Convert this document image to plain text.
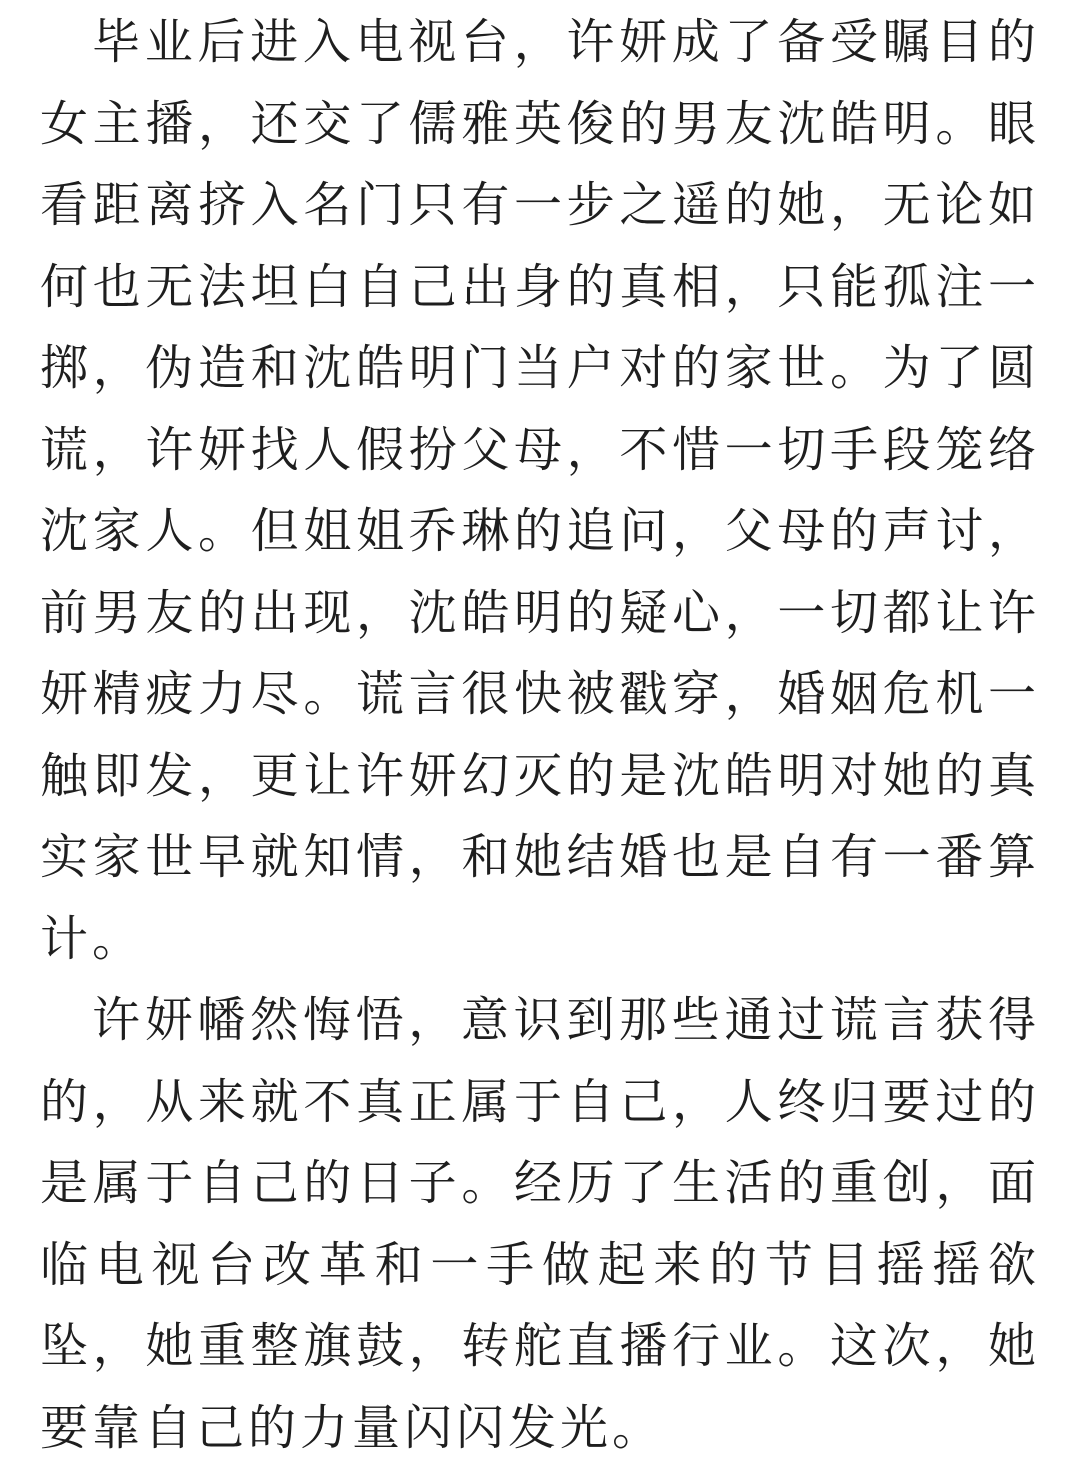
毕业后进入电视台，许妍成了备受瞩目的女主播，还交了儒雅英俊的男友沈皓明。眼看距离挤入名门只有一步之遥的她，无论如何也无法坦白自己出身的真相，只能孤注一掷，伪造和沈皓明门当户对的家世。为了圆谎，许妍找人假扮父母，不惜一切手段笼络沈家人。但姐姐乔琳的追问，父母的声讨，前男友的出现，沈皓明的疑心，一切都让许妍精疲力尽。谎言很快被戳穿，婚姻危机一触即发，更让许妍幻灭的是沈皓明对她的真实家世早就知情，和她结婚也是自有一番算计。

许妍幡然悔悟，意识到那些通过谎言获得的，从来就不真正属于自己，人终归要过的是属于自己的日子。经历了生活的重创，面临电视台改革和一手做起来的节目摇摇欲坠，她重整旗鼓，转舵直播行业。这次，她要靠自己的力量闪闪发光。
